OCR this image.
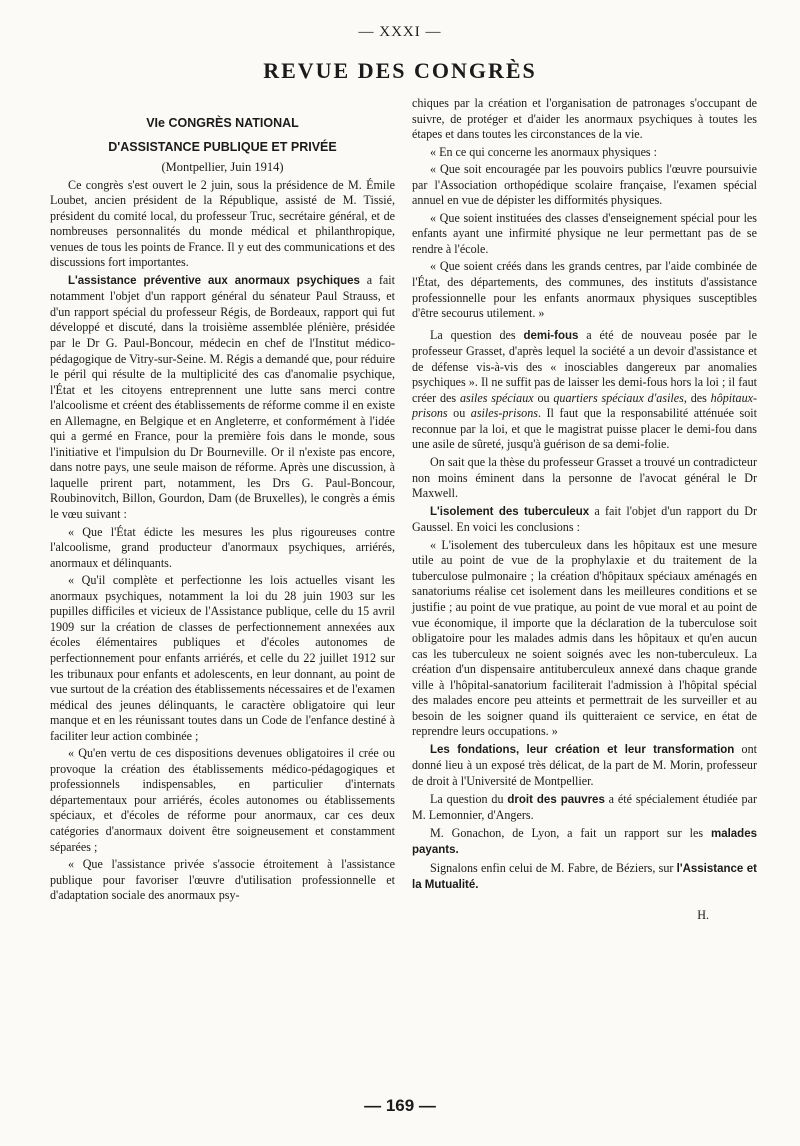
— XXXI —
REVUE DES CONGRÈS

VIe CONGRÈS NATIONAL

D'ASSISTANCE PUBLIQUE ET PRIVÉE

(Montpellier, Juin 1914)

Ce congrès s'est ouvert le 2 juin, sous la présidence de M. Émile Loubet, ancien président de la République, assisté de M. Tissié, président du comité local, du professeur Truc, secrétaire général, et de nombreuses personnalités du monde médical et philanthropique, venues de tous les points de France. Il y eut des communications et des discussions fort importantes.

L'assistance préventive aux anormaux psychiques a fait notamment l'objet d'un rapport général du sénateur Paul Strauss, et d'un rapport spécial du professeur Régis, de Bordeaux, rapport qui fut développé et discuté, dans la troisième assemblée plénière, présidée par le Dr G. Paul-Boncour, médecin en chef de l'Institut médico-pédagogique de Vitry-sur-Seine. M. Régis a demandé que, pour réduire le péril qui résulte de la multiplicité des cas d'anomalie psychique, l'État et les citoyens entreprennent une lutte sans merci contre l'alcoolisme et créent des établissements de réforme comme il en existe en Allemagne, en Belgique et en Angleterre, et conformément à l'idée qui a germé en France, pour la première fois dans le monde, sous l'initiative et l'impulsion du Dr Bourneville. Or il n'existe pas encore, dans notre pays, une seule maison de réforme. Après une discussion, à laquelle prirent part, notamment, les Drs G. Paul-Boncour, Roubinovitch, Billon, Gourdon, Dam (de Bruxelles), le congrès a émis le vœu suivant :

« Que l'État édicte les mesures les plus rigoureuses contre l'alcoolisme, grand producteur d'anormaux psychiques, arriérés, anormaux et délinquants.

« Qu'il complète et perfectionne les lois actuelles visant les anormaux psychiques, notamment la loi du 28 juin 1903 sur les pupilles difficiles et vicieux de l'Assistance publique, celle du 15 avril 1909 sur la création de classes de perfectionnement annexées aux écoles élémentaires publiques et d'écoles autonomes de perfectionnement pour enfants arriérés, et celle du 22 juillet 1912 sur les tribunaux pour enfants et adolescents, en leur donnant, au point de vue surtout de la création des établissements nécessaires et de l'examen médical des jeunes délinquants, le caractère obligatoire qui leur manque et en les réunissant toutes dans un Code de l'enfance destiné à faciliter leur action combinée ;

« Qu'en vertu de ces dispositions devenues obligatoires il crée ou provoque la création des établissements médico-pédagogiques et professionnels indispensables, en particulier d'internats départementaux pour arriérés, écoles autonomes ou établissements spéciaux, et d'écoles de réforme pour anormaux, car ces deux catégories d'anormaux doivent être soigneusement et constamment séparées ;

« Que l'assistance privée s'associe étroitement à l'assistance publique pour favoriser l'œuvre d'utilisation professionnelle et d'adaptation sociale des anormaux psy-

chiques par la création et l'organisation de patronages s'occupant de suivre, de protéger et d'aider les anormaux psychiques à toutes les étapes et dans toutes les circonstances de la vie.

« En ce qui concerne les anormaux physiques :

« Que soit encouragée par les pouvoirs publics l'œuvre poursuivie par l'Association orthopédique scolaire française, l'examen spécial annuel en vue de dépister les difformités physiques.

« Que soient instituées des classes d'enseignement spécial pour les enfants ayant une infirmité physique ne leur permettant pas de se rendre à l'école.

« Que soient créés dans les grands centres, par l'aide combinée de l'État, des départements, des communes, des instituts d'assistance professionnelle pour les enfants anormaux physiques susceptibles d'être secourus utilement. »

La question des demi-fous a été de nouveau posée par le professeur Grasset, d'après lequel la société a un devoir d'assistance et de défense vis-à-vis des « inosciables dangereux par anomalies psychiques ». Il ne suffit pas de laisser les demi-fous hors la loi ; il faut créer des asiles spéciaux ou quartiers spéciaux d'asiles, des hôpitaux-prisons ou asiles-prisons. Il faut que la responsabilité atténuée soit reconnue par la loi, et que le magistrat puisse placer le demi-fou dans une asile de sûreté, jusqu'à guérison de sa demi-folie.

On sait que la thèse du professeur Grasset a trouvé un contradicteur non moins éminent dans la personne de l'avocat général le Dr Maxwell.

L'isolement des tuberculeux a fait l'objet d'un rapport du Dr Gaussel. En voici les conclusions :

« L'isolement des tuberculeux dans les hôpitaux est une mesure utile au point de vue de la prophylaxie et du traitement de la tuberculose pulmonaire ; la création d'hôpitaux spéciaux aménagés en sanatoriums réalise cet isolement dans les meilleures conditions et se justifie ; au point de vue pratique, au point de vue moral et au point de vue économique, il importe que la déclaration de la tuberculose soit obligatoire pour les malades admis dans les hôpitaux et qu'en aucun cas les tuberculeux ne soient soignés avec les non-tuberculeux. La création d'un dispensaire antituberculeux annexé dans chaque grande ville à l'hôpital-sanatorium faciliterait l'admission à l'hôpital spécial des malades encore peu atteints et permettrait de les surveiller et au besoin de les soigner quand ils quitteraient ce service, en état de reprendre leurs occupations. »

Les fondations, leur création et leur transformation ont donné lieu à un exposé très délicat, de la part de M. Morin, professeur de droit à l'Université de Montpellier.

La question du droit des pauvres a été spécialement étudiée par M. Lemonnier, d'Angers.

M. Gonachon, de Lyon, a fait un rapport sur les malades payants.

Signalons enfin celui de M. Fabre, de Béziers, sur l'Assistance et la Mutualité.

H.
— 169 —
